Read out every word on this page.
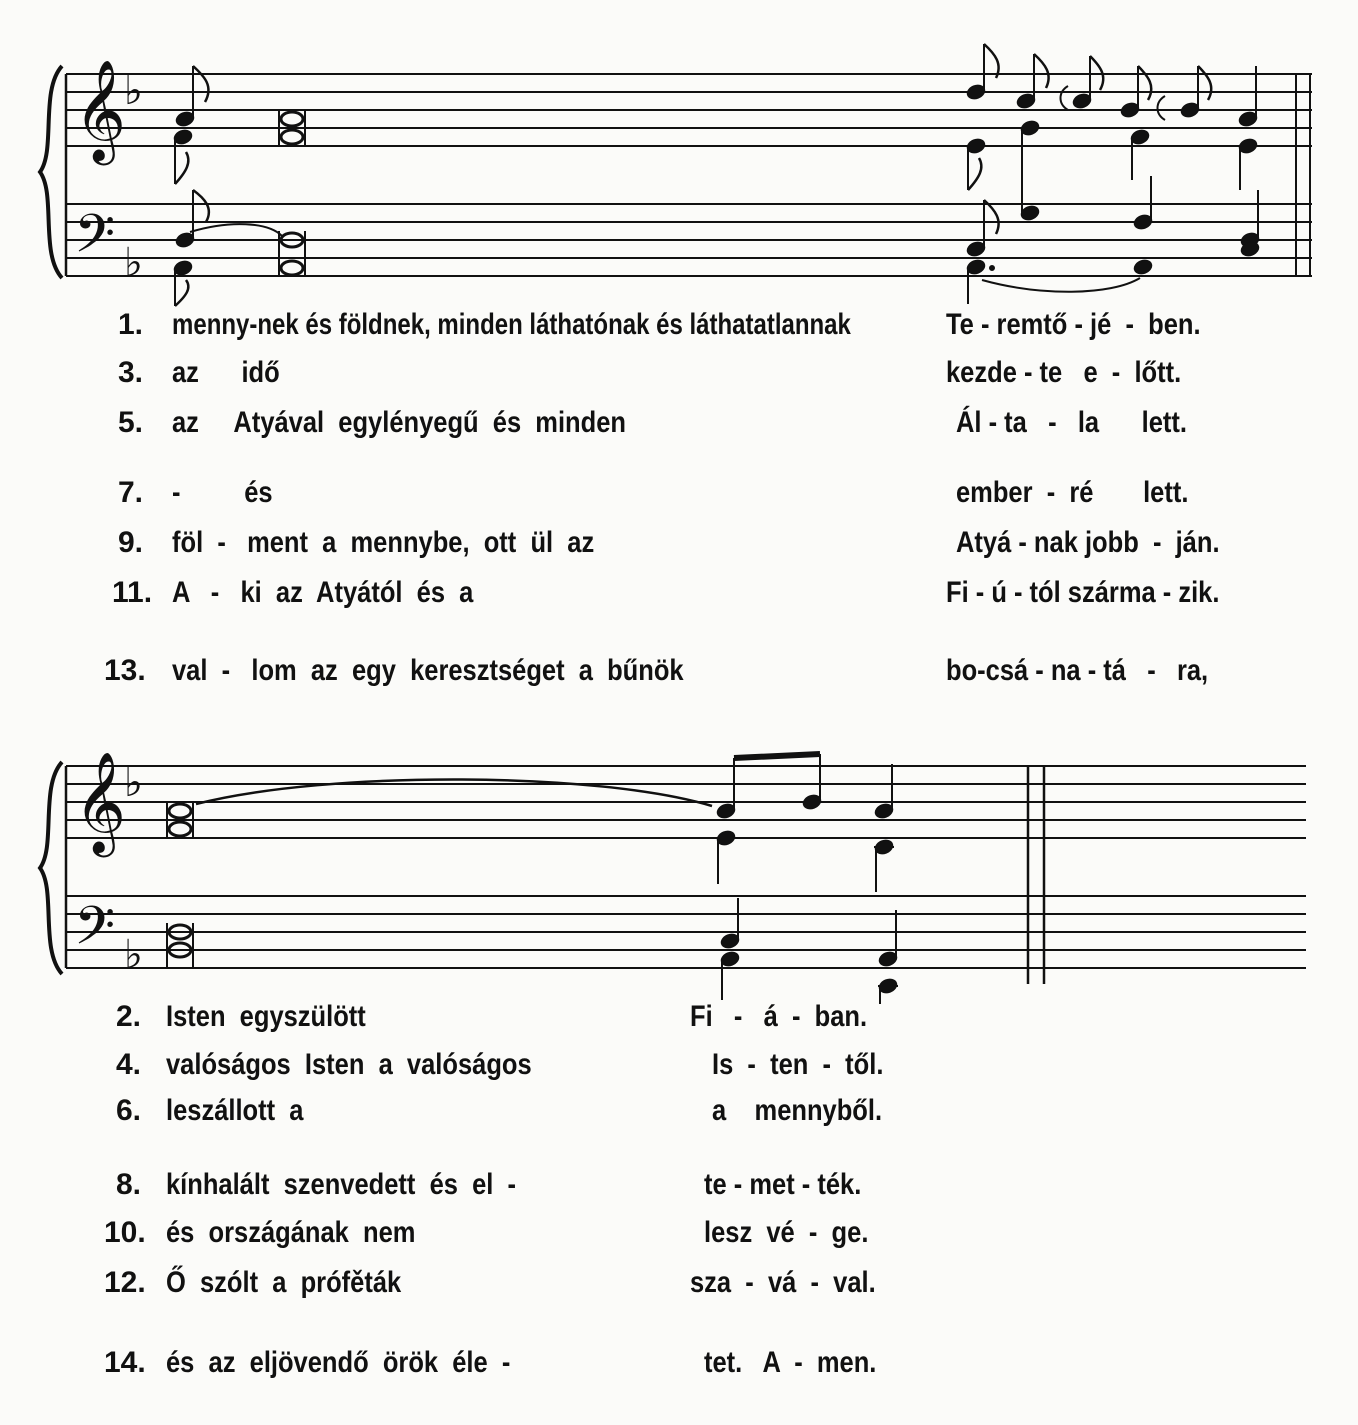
𝄞
♭
𝄢 ♭
1. menny-nek és földnek, minden láthatónak és láthatatlannak	Te - remtő - jé  -  ben.
3. az      idő	kezde - te   e  -  lőtt.
5. az     Atyával  egylényegű  és  minden	Ál - ta   -   la      lett.
7. -         és	ember  -  ré       lett.
9. föl  -   ment  a  mennybe,  ott  ül  az	Atyá - nak jobb  -  ján.
11. A   -   ki  az  Atyától  és  a	Fi - ú - tól szárma - zik.
13. val  -   lom  az  egy  keresztséget  a  bűnök	bo-csá - na - tá   -   ra,
𝄞
♭
𝄢 ♭
2. Isten  egyszülött	Fi   -   á  -  ban.
4. valóságos  Isten  a  valóságos	Is  -  ten  -  től.
6. leszállott  a	a    mennyből.
8. kínhalált  szenvedett  és  el  -	te - met - ték.
10. és  országának  nem	lesz  vé  -  ge.
12. Ő  szólt  a  prófěták	sza  -  vá  -  val.
14. és  az  eljövendő  örök  éle  -	tet.   A  -  men.
